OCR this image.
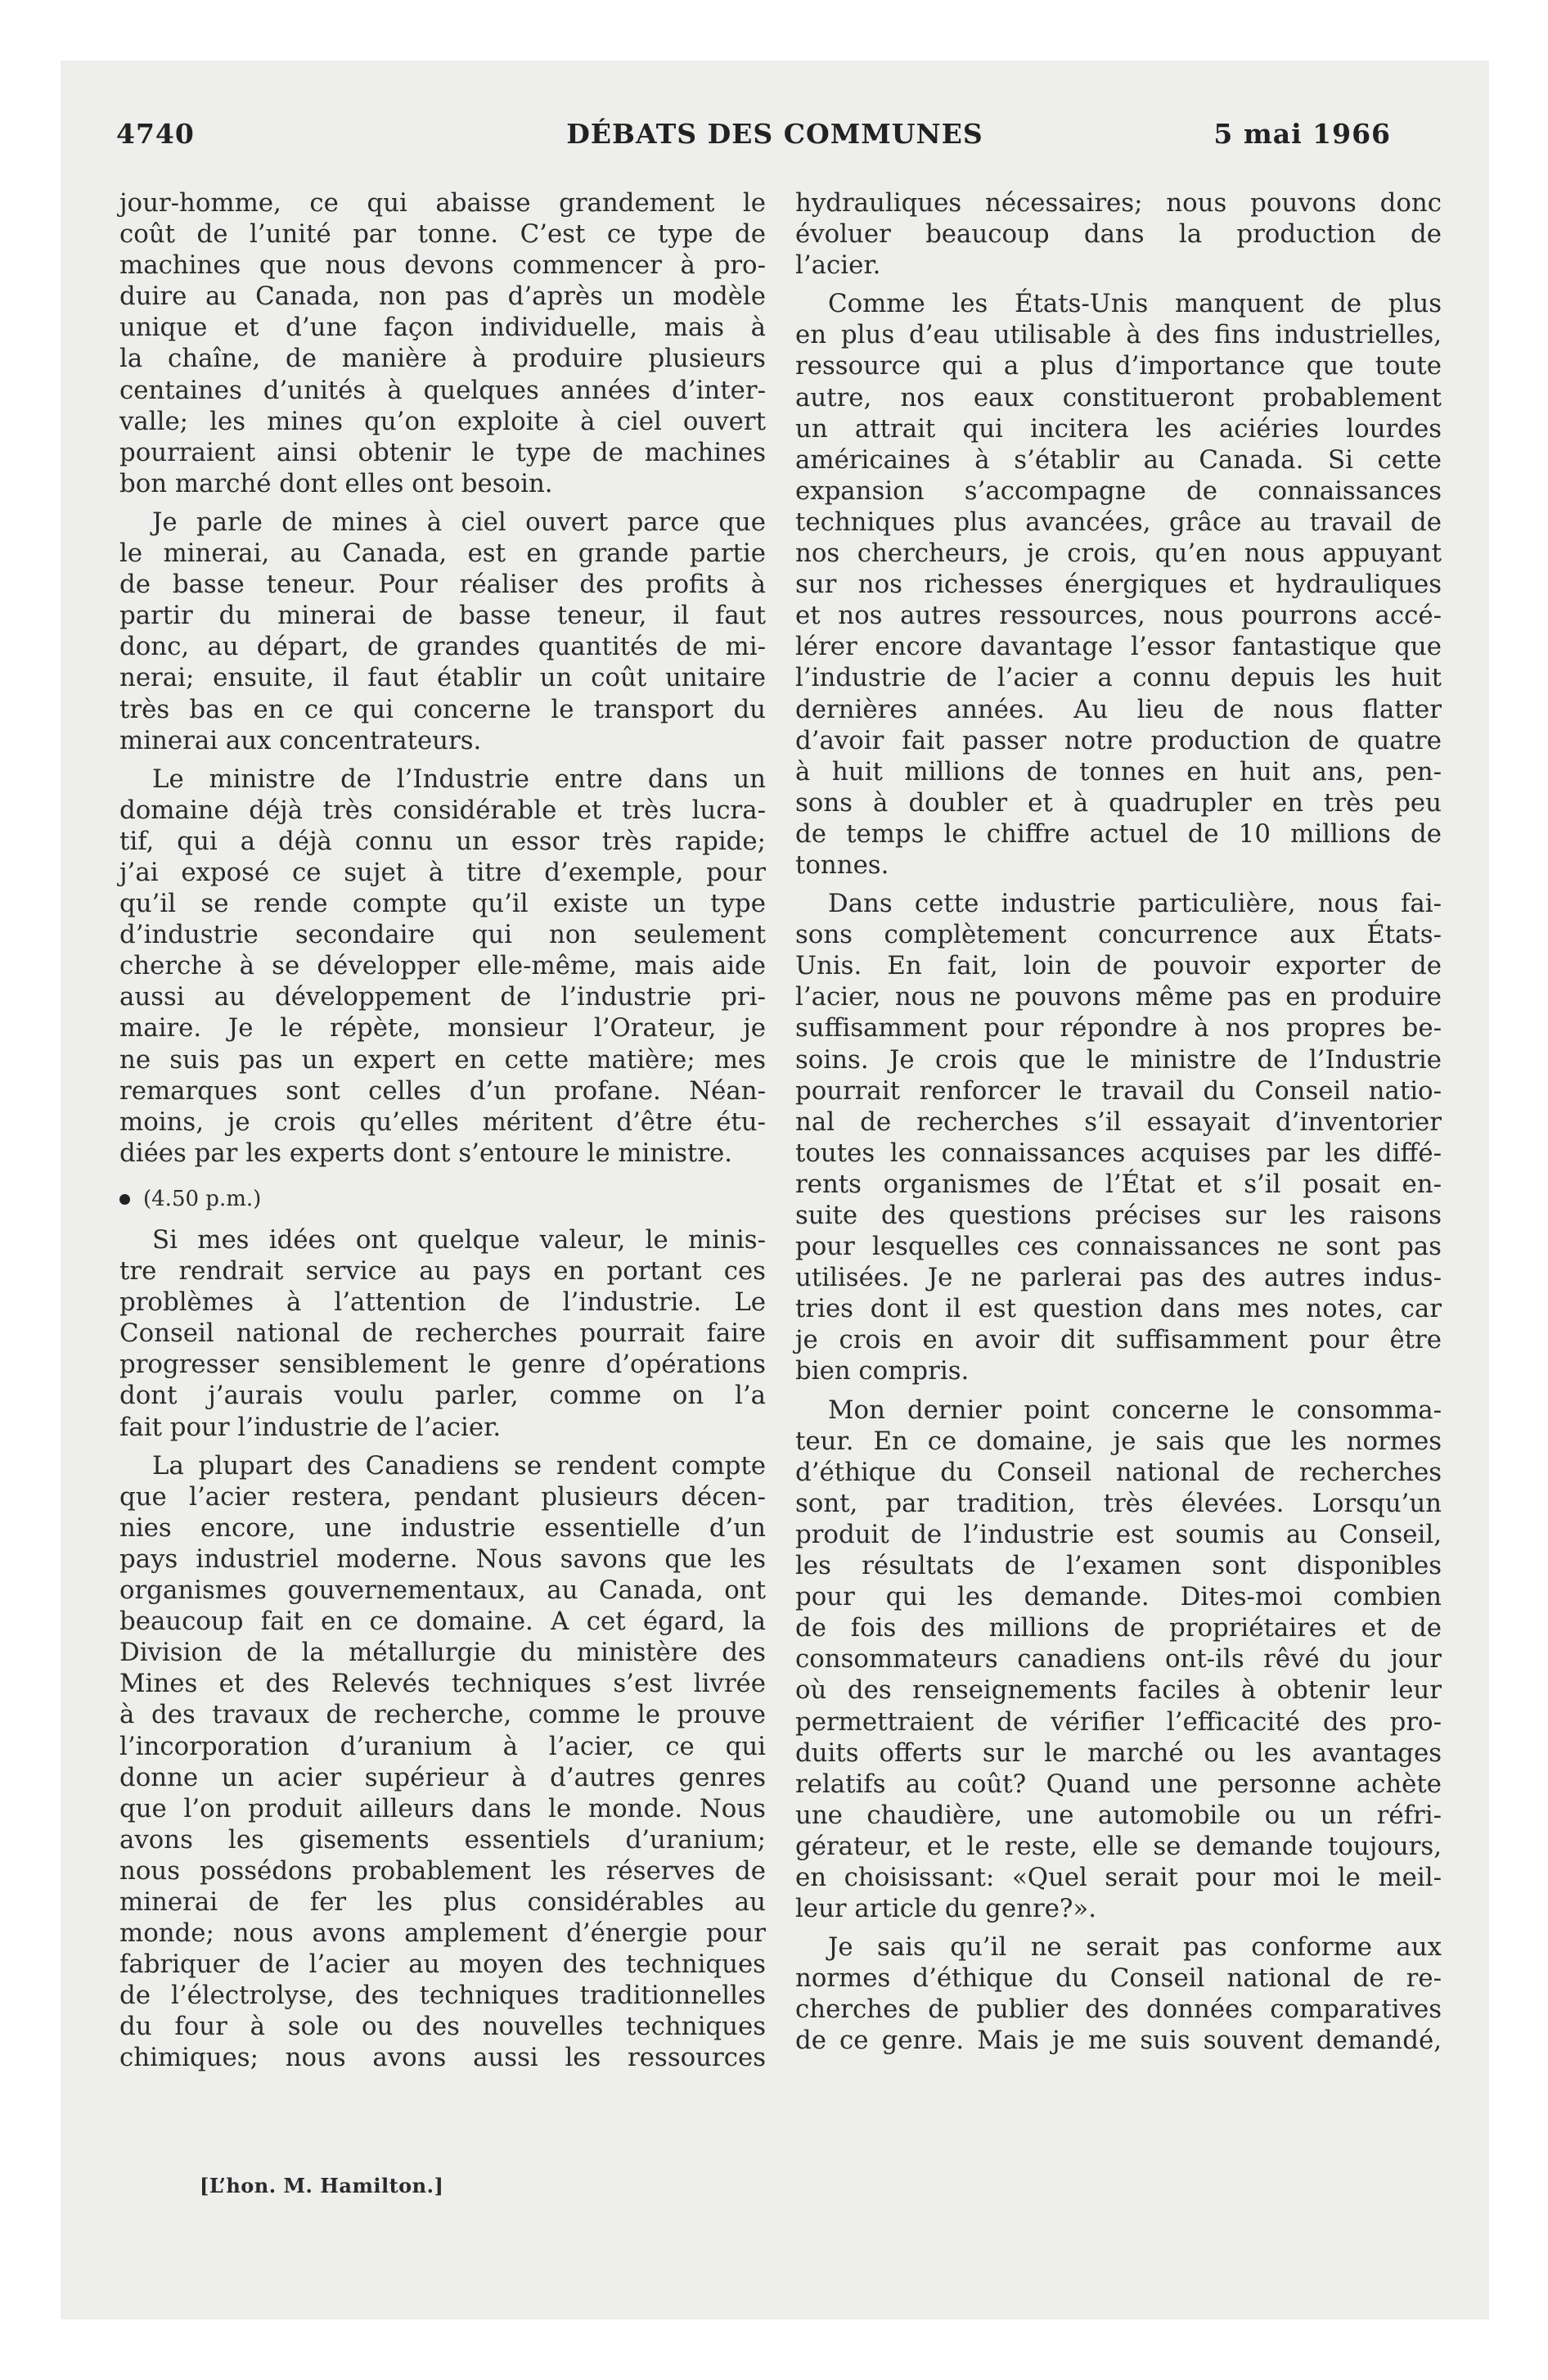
4740	DÉBATS DES COMMUNES	5 mai 1966
jour-homme, ce qui abaisse grandement le
coût de l’unité par tonne. C’est ce type de
machines que nous devons commencer à pro-
duire au Canada, non pas d’après un modèle
unique et d’une façon individuelle, mais à
la chaîne, de manière à produire plusieurs
centaines d’unités à quelques années d’inter-
valle; les mines qu’on exploite à ciel ouvert
pourraient ainsi obtenir le type de machines
bon marché dont elles ont besoin.
Je parle de mines à ciel ouvert parce que
le minerai, au Canada, est en grande partie
de basse teneur. Pour réaliser des profits à
partir du minerai de basse teneur, il faut
donc, au départ, de grandes quantités de mi-
nerai; ensuite, il faut établir un coût unitaire
très bas en ce qui concerne le transport du
minerai aux concentrateurs.
Le ministre de l’Industrie entre dans un
domaine déjà très considérable et très lucra-
tif, qui a déjà connu un essor très rapide;
j’ai exposé ce sujet à titre d’exemple, pour
qu’il se rende compte qu’il existe un type
d’industrie secondaire qui non seulement
cherche à se développer elle-même, mais aide
aussi au développement de l’industrie pri-
maire. Je le répète, monsieur l’Orateur, je
ne suis pas un expert en cette matière; mes
remarques sont celles d’un profane. Néan-
moins, je crois qu’elles méritent d’être étu-
diées par les experts dont s’entoure le ministre.
(4.50 p.m.)
Si mes idées ont quelque valeur, le minis-
tre rendrait service au pays en portant ces
problèmes à l’attention de l’industrie. Le
Conseil national de recherches pourrait faire
progresser sensiblement le genre d’opérations
dont j’aurais voulu parler, comme on l’a
fait pour l’industrie de l’acier.
La plupart des Canadiens se rendent compte
que l’acier restera, pendant plusieurs décen-
nies encore, une industrie essentielle d’un
pays industriel moderne. Nous savons que les
organismes gouvernementaux, au Canada, ont
beaucoup fait en ce domaine. A cet égard, la
Division de la métallurgie du ministère des
Mines et des Relevés techniques s’est livrée
à des travaux de recherche, comme le prouve
l’incorporation d’uranium à l’acier, ce qui
donne un acier supérieur à d’autres genres
que l’on produit ailleurs dans le monde. Nous
avons les gisements essentiels d’uranium;
nous possédons probablement les réserves de
minerai de fer les plus considérables au
monde; nous avons amplement d’énergie pour
fabriquer de l’acier au moyen des techniques
de l’électrolyse, des techniques traditionnelles
du four à sole ou des nouvelles techniques
chimiques; nous avons aussi les ressources
hydrauliques nécessaires; nous pouvons donc
évoluer beaucoup dans la production de
l’acier.
Comme les États-Unis manquent de plus
en plus d’eau utilisable à des fins industrielles,
ressource qui a plus d’importance que toute
autre, nos eaux constitueront probablement
un attrait qui incitera les aciéries lourdes
américaines à s’établir au Canada. Si cette
expansion s’accompagne de connaissances
techniques plus avancées, grâce au travail de
nos chercheurs, je crois, qu’en nous appuyant
sur nos richesses énergiques et hydrauliques
et nos autres ressources, nous pourrons accé-
lérer encore davantage l’essor fantastique que
l’industrie de l’acier a connu depuis les huit
dernières années. Au lieu de nous flatter
d’avoir fait passer notre production de quatre
à huit millions de tonnes en huit ans, pen-
sons à doubler et à quadrupler en très peu
de temps le chiffre actuel de 10 millions de
tonnes.
Dans cette industrie particulière, nous fai-
sons complètement concurrence aux États-
Unis. En fait, loin de pouvoir exporter de
l’acier, nous ne pouvons même pas en produire
suffisamment pour répondre à nos propres be-
soins. Je crois que le ministre de l’Industrie
pourrait renforcer le travail du Conseil natio-
nal de recherches s’il essayait d’inventorier
toutes les connaissances acquises par les diffé-
rents organismes de l’État et s’il posait en-
suite des questions précises sur les raisons
pour lesquelles ces connaissances ne sont pas
utilisées. Je ne parlerai pas des autres indus-
tries dont il est question dans mes notes, car
je crois en avoir dit suffisamment pour être
bien compris.
Mon dernier point concerne le consomma-
teur. En ce domaine, je sais que les normes
d’éthique du Conseil national de recherches
sont, par tradition, très élevées. Lorsqu’un
produit de l’industrie est soumis au Conseil,
les résultats de l’examen sont disponibles
pour qui les demande. Dites-moi combien
de fois des millions de propriétaires et de
consommateurs canadiens ont-ils rêvé du jour
où des renseignements faciles à obtenir leur
permettraient de vérifier l’efficacité des pro-
duits offerts sur le marché ou les avantages
relatifs au coût? Quand une personne achète
une chaudière, une automobile ou un réfri-
gérateur, et le reste, elle se demande toujours,
en choisissant: «Quel serait pour moi le meil-
leur article du genre?».
Je sais qu’il ne serait pas conforme aux
normes d’éthique du Conseil national de re-
cherches de publier des données comparatives
de ce genre. Mais je me suis souvent demandé,
[L’hon. M. Hamilton.]
